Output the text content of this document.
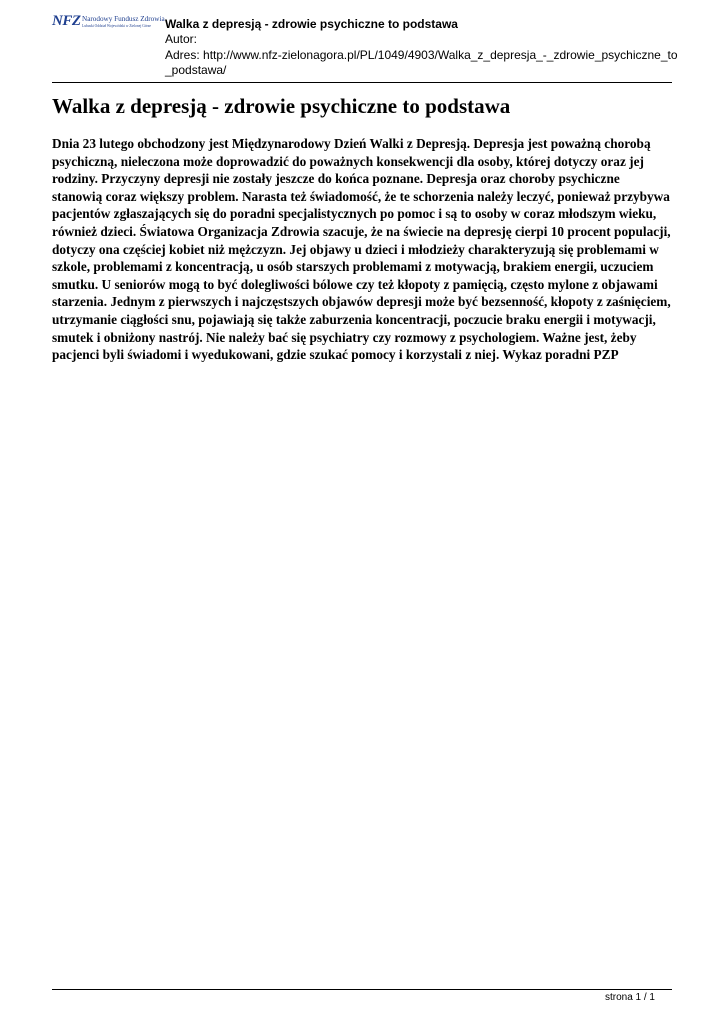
NFZ Narodowy Fundusz Zdrowia
Lubuski Oddział Wojewódzki w Zielonej Górze Walka z depresją - zdrowie psychiczne to podstawa
Autor:
Adres: http://www.nfz-zielonagora.pl/PL/1049/4903/Walka_z_depresja_-_zdrowie_psychiczne_to_podstawa/
Walka z depresją - zdrowie psychiczne to podstawa

Dnia 23 lutego obchodzony jest Międzynarodowy Dzień Walki z Depresją. Depresja jest poważną chorobą psychiczną, nieleczona może doprowadzić do poważnych konsekwencji dla osoby, której dotyczy oraz jej rodziny. Przyczyny depresji nie zostały jeszcze do końca poznane. Depresja oraz choroby psychiczne stanowią coraz większy problem. Narasta też świadomość, że te schorzenia należy leczyć, ponieważ przybywa pacjentów zgłaszających się do poradni specjalistycznych po pomoc i są to osoby w coraz młodszym wieku, również dzieci. Światowa Organizacja Zdrowia szacuje, że na świecie na depresję cierpi 10 procent populacji, dotyczy ona częściej kobiet niż mężczyzn. Jej objawy u dzieci i młodzieży charakteryzują się problemami w szkole, problemami z koncentracją, u osób starszych problemami z motywacją, brakiem energii, uczuciem smutku. U seniorów mogą to być dolegliwości bólowe czy też kłopoty z pamięcią, często mylone z objawami starzenia. Jednym z pierwszych i najczęstszych objawów depresji może być bezsenność, kłopoty z zaśnięciem, utrzymanie ciągłości snu, pojawiają się także zaburzenia koncentracji, poczucie braku energii i motywacji, smutek i obniżony nastrój. Nie należy bać się psychiatry czy rozmowy z psychologiem. Ważne jest, żeby pacjenci byli świadomi i wyedukowani, gdzie szukać pomocy i korzystali z niej. Wykaz poradni PZP

strona 1 / 1
